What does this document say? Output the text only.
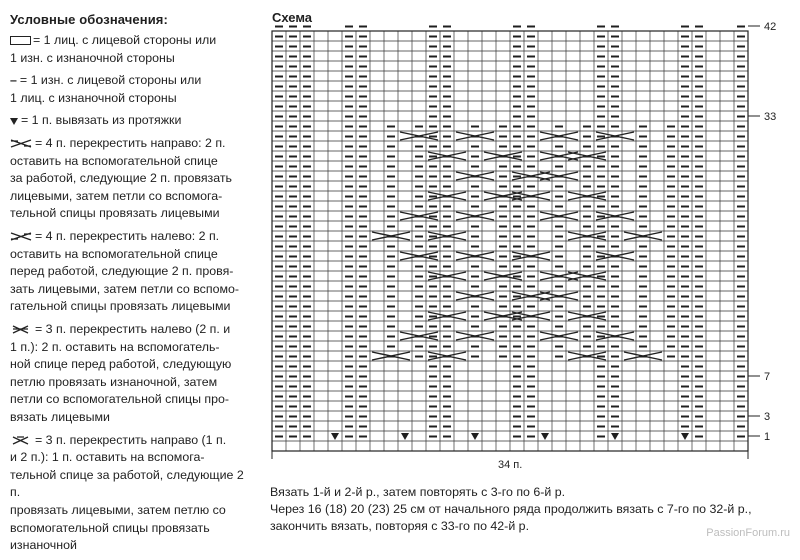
Условные обозначения:
= 1 лиц. с лицевой стороны или
1 изн. с изнаночной стороны
– = 1 изн. с лицевой стороны или
1 лиц. с изнаночной стороны
= 1 п. вывязать из протяжки
= 4 п. перекрестить направо: 2 п.
оставить на вспомогательной спице
за работой, следующие 2 п. провязать
лицевыми, затем петли со вспомога-
тельной спицы провязать лицевыми
= 4 п. перекрестить налево: 2 п.
оставить на вспомогательной спице
перед работой, следующие 2 п. провя-
зать лицевыми, затем петли со вспомо-
гательной спицы провязать лицевыми
= 3 п. перекрестить налево (2 п. и
1 п.): 2 п. оставить на вспомогатель-
ной спице перед работой, следующую
петлю провязать изнаночной, затем
петли со вспомогательной спицы про-
вязать лицевыми
= 3 п. перекрестить направо (1 п.
и 2 п.): 1 п. оставить на вспомога-
тельной спице за работой, следующие 2 п.
провязать лицевыми, затем петлю со
вспомогательной спицы провязать
изнаночной
Схема
42
33
7
3
1
34 п.
Вязать 1-й и 2-й р., затем повторять с 3-го по 6-й р.
Через 16 (18) 20 (23) 25 см от начального ряда продолжить вязать с 7-го по 32-й р.,
закончить вязать, повторяя с 33-го по 42-й р.	PassionForum.ru
